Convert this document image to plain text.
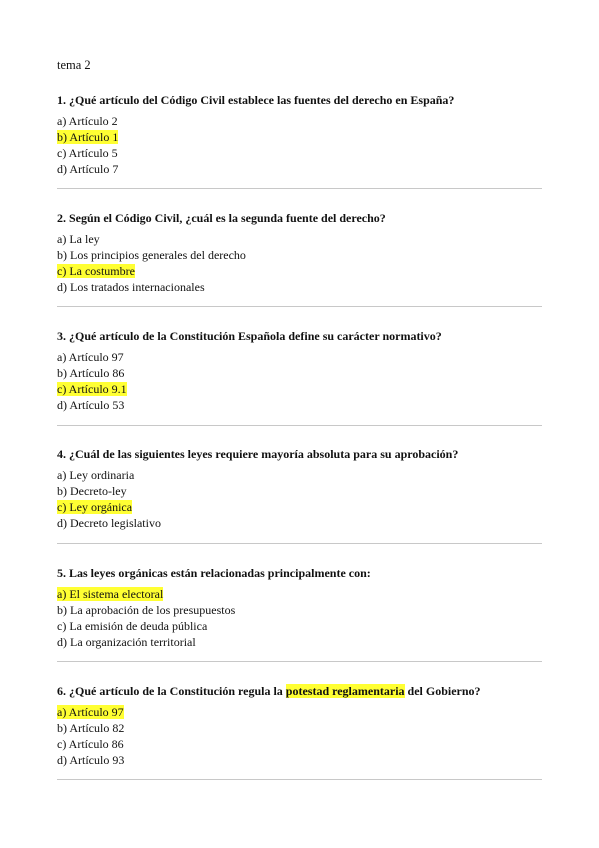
tema 2
1. ¿Qué artículo del Código Civil establece las fuentes del derecho en España?
a) Artículo 2
b) Artículo 1
c) Artículo 5
d) Artículo 7
2. Según el Código Civil, ¿cuál es la segunda fuente del derecho?
a) La ley
b) Los principios generales del derecho
c) La costumbre
d) Los tratados internacionales
3. ¿Qué artículo de la Constitución Española define su carácter normativo?
a) Artículo 97
b) Artículo 86
c) Artículo 9.1
d) Artículo 53
4. ¿Cuál de las siguientes leyes requiere mayoría absoluta para su aprobación?
a) Ley ordinaria
b) Decreto-ley
c) Ley orgánica
d) Decreto legislativo
5. Las leyes orgánicas están relacionadas principalmente con:
a) El sistema electoral
b) La aprobación de los presupuestos
c) La emisión de deuda pública
d) La organización territorial
6. ¿Qué artículo de la Constitución regula la potestad reglamentaria del Gobierno?
a) Artículo 97
b) Artículo 82
c) Artículo 86
d) Artículo 93
